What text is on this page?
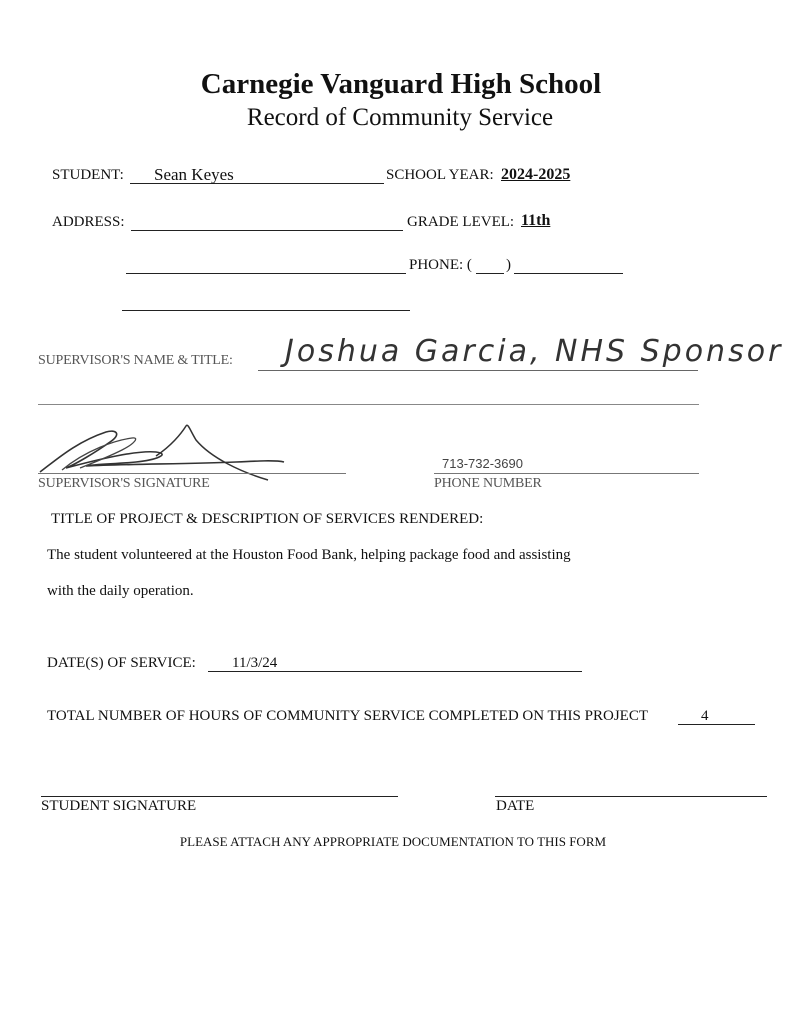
Carnegie Vanguard High School
Record of Community Service
STUDENT: Sean Keyes	SCHOOL YEAR: 2024-2025
ADDRESS:	GRADE LEVEL: 11th
PHONE: ( )
SUPERVISOR'S NAME & TITLE: Joshua Garcia, NHS Sponsor
SUPERVISOR'S SIGNATURE
713-732-3690
PHONE NUMBER
TITLE OF PROJECT & DESCRIPTION OF SERVICES RENDERED:
The student volunteered at the Houston Food Bank, helping package food and assisting
with the daily operation.
DATE(S) OF SERVICE: 11/3/24
TOTAL NUMBER OF HOURS OF COMMUNITY SERVICE COMPLETED ON THIS PROJECT	4
STUDENT SIGNATURE	DATE
PLEASE ATTACH ANY APPROPRIATE DOCUMENTATION TO THIS FORM
